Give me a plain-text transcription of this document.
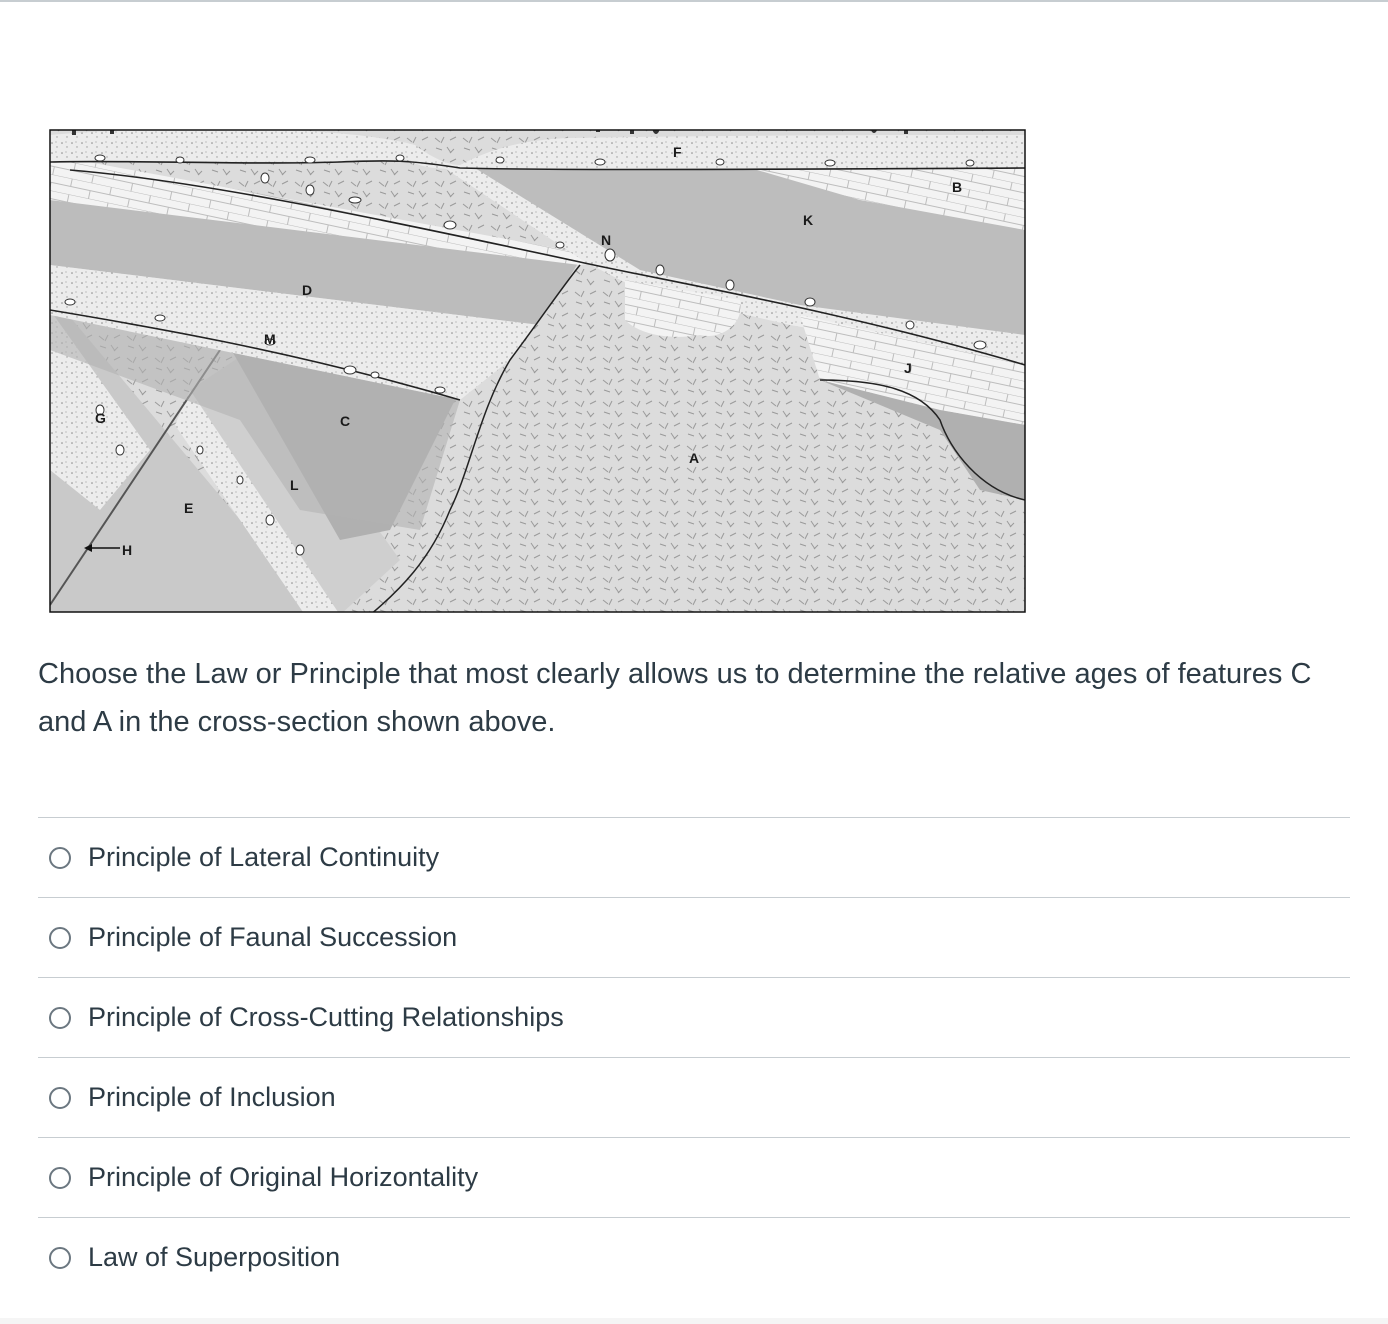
B
K
N
F
D
M
C
G
E
H
L
A
J

Choose the Law or Principle that most clearly allows us to determine the relative ages of features C and A in the cross-section shown above.

Principle of Lateral Continuity
Principle of Faunal Succession
Principle of Cross-Cutting Relationships
Principle of Inclusion
Principle of Original Horizontality
Law of Superposition
